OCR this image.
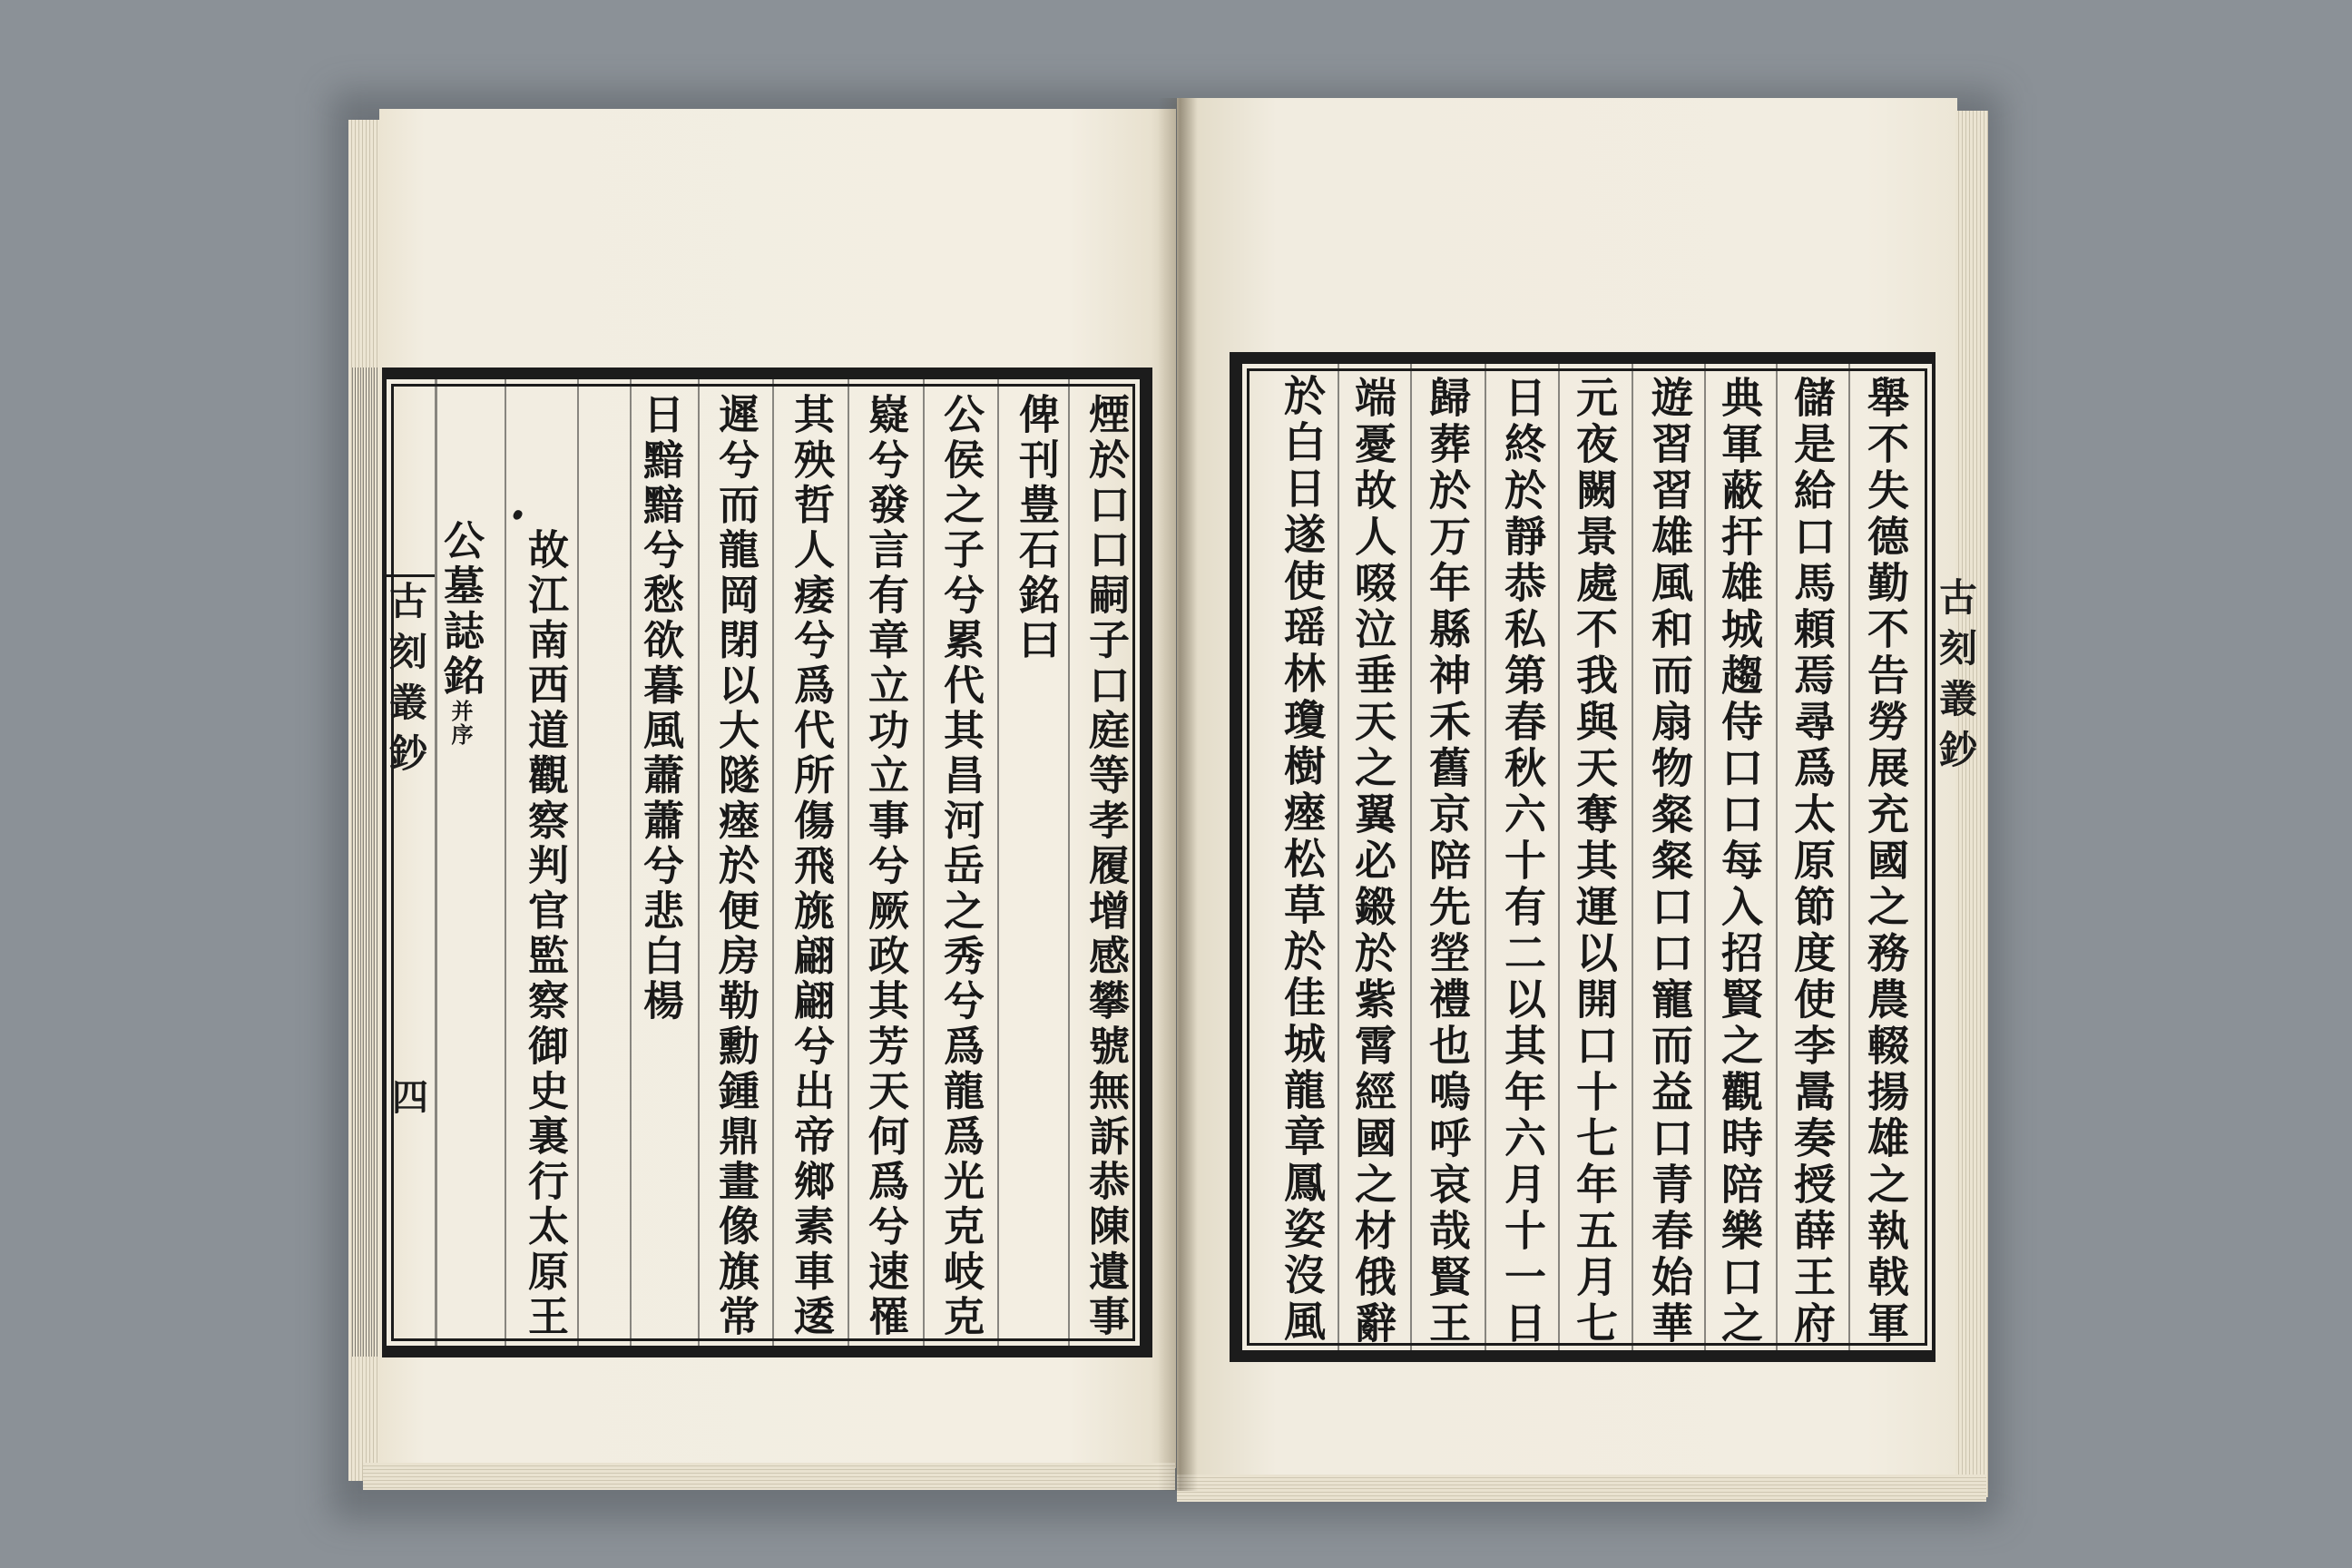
古刻叢鈔
四	煙於口口嗣子口庭等孝履增感攀號無訴恭陳遺事
俾刊豊石銘曰
公侯之子兮累代其昌河岳之秀兮爲龍爲光克岐克
嶷兮發言有章立功立事兮厥政其芳天何爲兮速罹
其殃哲人痿兮爲代所傷飛旐翩翩兮出帝鄉素車逶
遲兮而龍岡閉以大隧瘞於便房勒勳鍾鼎畫像旗常
日黯黯兮愁欲暮風蕭蕭兮悲白楊
故江南西道觀察判官監察御史裏行太原王
公墓誌銘并序	古刻叢鈔
舉不失德勤不告勞展充國之務農輟揚雄之執戟軍
儲是給口馬頼焉尋爲太原節度使李暠奏授薛王府
典軍蔽扞雄城趨侍口口每入招賢之觀時陪樂口之
遊習習雄風和而扇物粲粲口口寵而益口青春始華
元夜闕景處不我與天奪其運以開口十七年五月七
日終於靜恭私第春秋六十有二以其年六月十一日
歸葬於万年縣神禾舊京陪先塋禮也嗚呼哀哉賢王
端憂故人啜泣垂天之翼必鎩於紫霄經國之材俄辭
於白日遂使瑶林瓊樹瘞松草於佳城龍章鳳姿沒風
